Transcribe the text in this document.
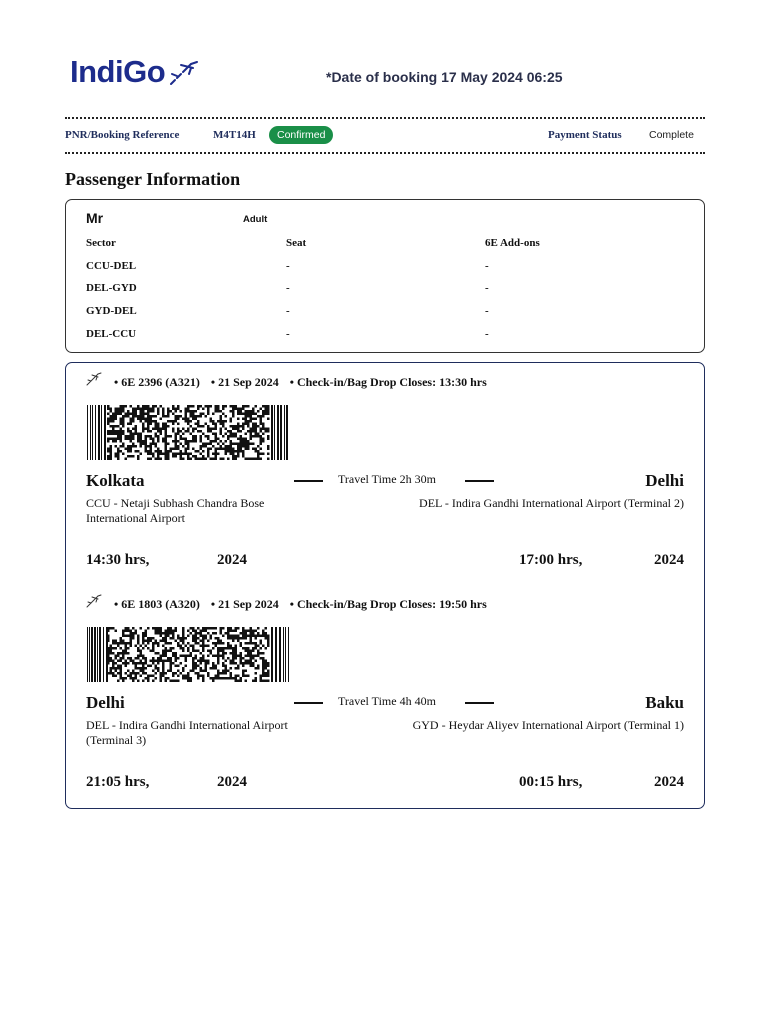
IndiGo	*Date of booking 17 May 2024 06:25
PNR/Booking Reference	M4T14H	Confirmed	Payment Status	Complete
Passenger Information
Mr	Adult
Sector	Seat	6E Add-ons
CCU-DEL	-	-
DEL-GYD	-	-
GYD-DEL	-	-
DEL-CCU	-	-
• 6E 2396 (A321) • 21 Sep 2024 • Check-in/Bag Drop Closes: 13:30 hrs
Kolkata	Travel Time 2h 30m	Delhi
CCU - Netaji Subhash Chandra Bose International Airport
DEL - Indira Gandhi International Airport (Terminal 2)
14:30 hrs,	2024	17:00 hrs,	2024
• 6E 1803 (A320) • 21 Sep 2024 • Check-in/Bag Drop Closes: 19:50 hrs
Delhi	Travel Time 4h 40m	Baku
DEL - Indira Gandhi International Airport (Terminal 3)
GYD - Heydar Aliyev International Airport (Terminal 1)
21:05 hrs,	2024	00:15 hrs,	2024
